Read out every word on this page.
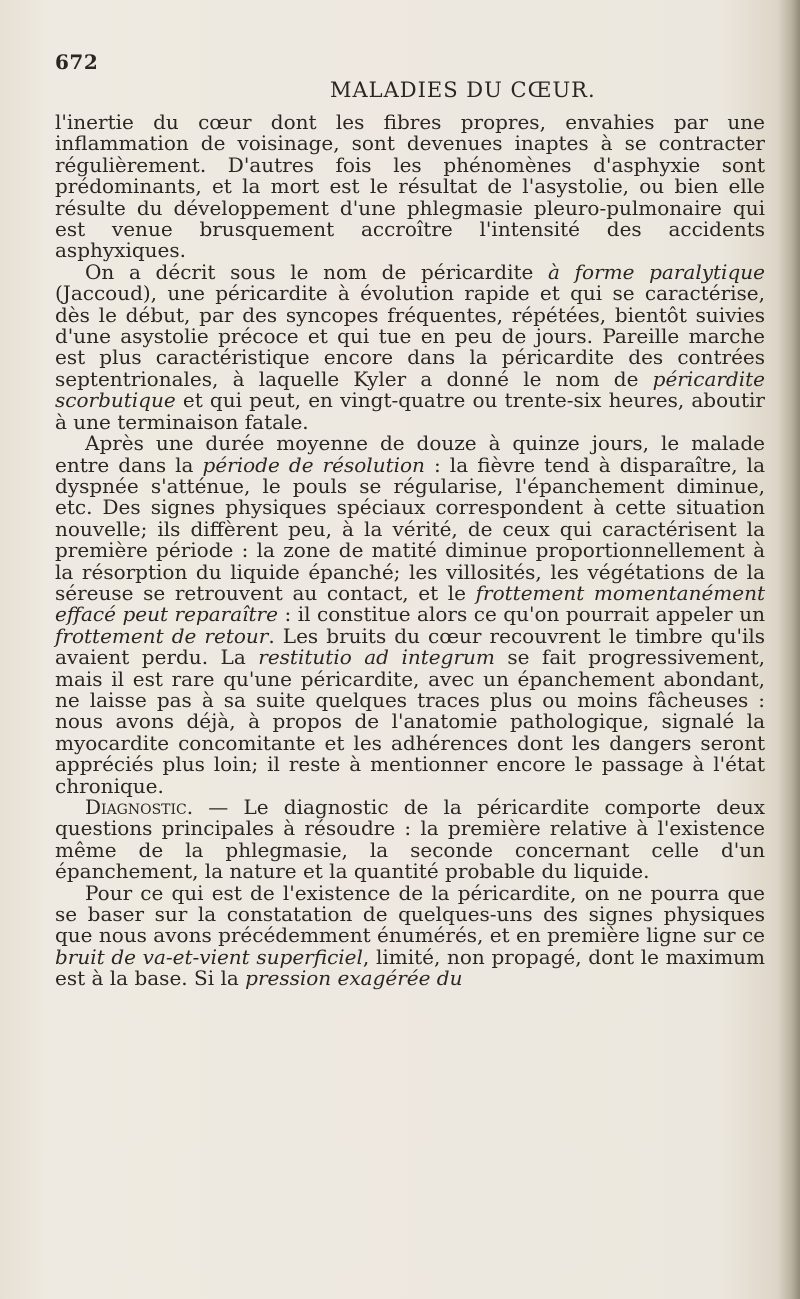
672
MALADIES DU CŒUR.

l'inertie du cœur dont les fibres propres, envahies par une inflammation de voisinage, sont devenues inaptes à se contracter régulièrement. D'autres fois les phénomènes d'asphyxie sont prédominants, et la mort est le résultat de l'asystolie, ou bien elle résulte du développement d'une phlegmasie pleuro-pulmonaire qui est venue brusquement accroître l'intensité des accidents asphyxiques.

On a décrit sous le nom de péricardite à forme paralytique (Jaccoud), une péricardite à évolution rapide et qui se caractérise, dès le début, par des syncopes fréquentes, répétées, bientôt suivies d'une asystolie précoce et qui tue en peu de jours. Pareille marche est plus caractéristique encore dans la péricardite des contrées septentrionales, à laquelle Kyler a donné le nom de péricardite scorbutique et qui peut, en vingt-quatre ou trente-six heures, aboutir à une terminaison fatale.

Après une durée moyenne de douze à quinze jours, le malade entre dans la période de résolution : la fièvre tend à disparaître, la dyspnée s'atténue, le pouls se régularise, l'épanchement diminue, etc. Des signes physiques spéciaux correspondent à cette situation nouvelle; ils diffèrent peu, à la vérité, de ceux qui caractérisent la première période : la zone de matité diminue proportionnellement à la résorption du liquide épanché; les villosités, les végétations de la séreuse se retrouvent au contact, et le frottement momentanément effacé peut reparaître : il constitue alors ce qu'on pourrait appeler un frottement de retour. Les bruits du cœur recouvrent le timbre qu'ils avaient perdu. La restitutio ad integrum se fait progressivement, mais il est rare qu'une péricardite, avec un épanchement abondant, ne laisse pas à sa suite quelques traces plus ou moins fâcheuses : nous avons déjà, à propos de l'anatomie pathologique, signalé la myocardite concomitante et les adhérences dont les dangers seront appréciés plus loin; il reste à mentionner encore le passage à l'état chronique.

Diagnostic. — Le diagnostic de la péricardite comporte deux questions principales à résoudre : la première relative à l'existence même de la phlegmasie, la seconde concernant celle d'un épanchement, la nature et la quantité probable du liquide.

Pour ce qui est de l'existence de la péricardite, on ne pourra que se baser sur la constatation de quelques-uns des signes physiques que nous avons précédemment énumérés, et en première ligne sur ce bruit de va-et-vient superficiel, limité, non propagé, dont le maximum est à la base. Si la pression exagérée du
